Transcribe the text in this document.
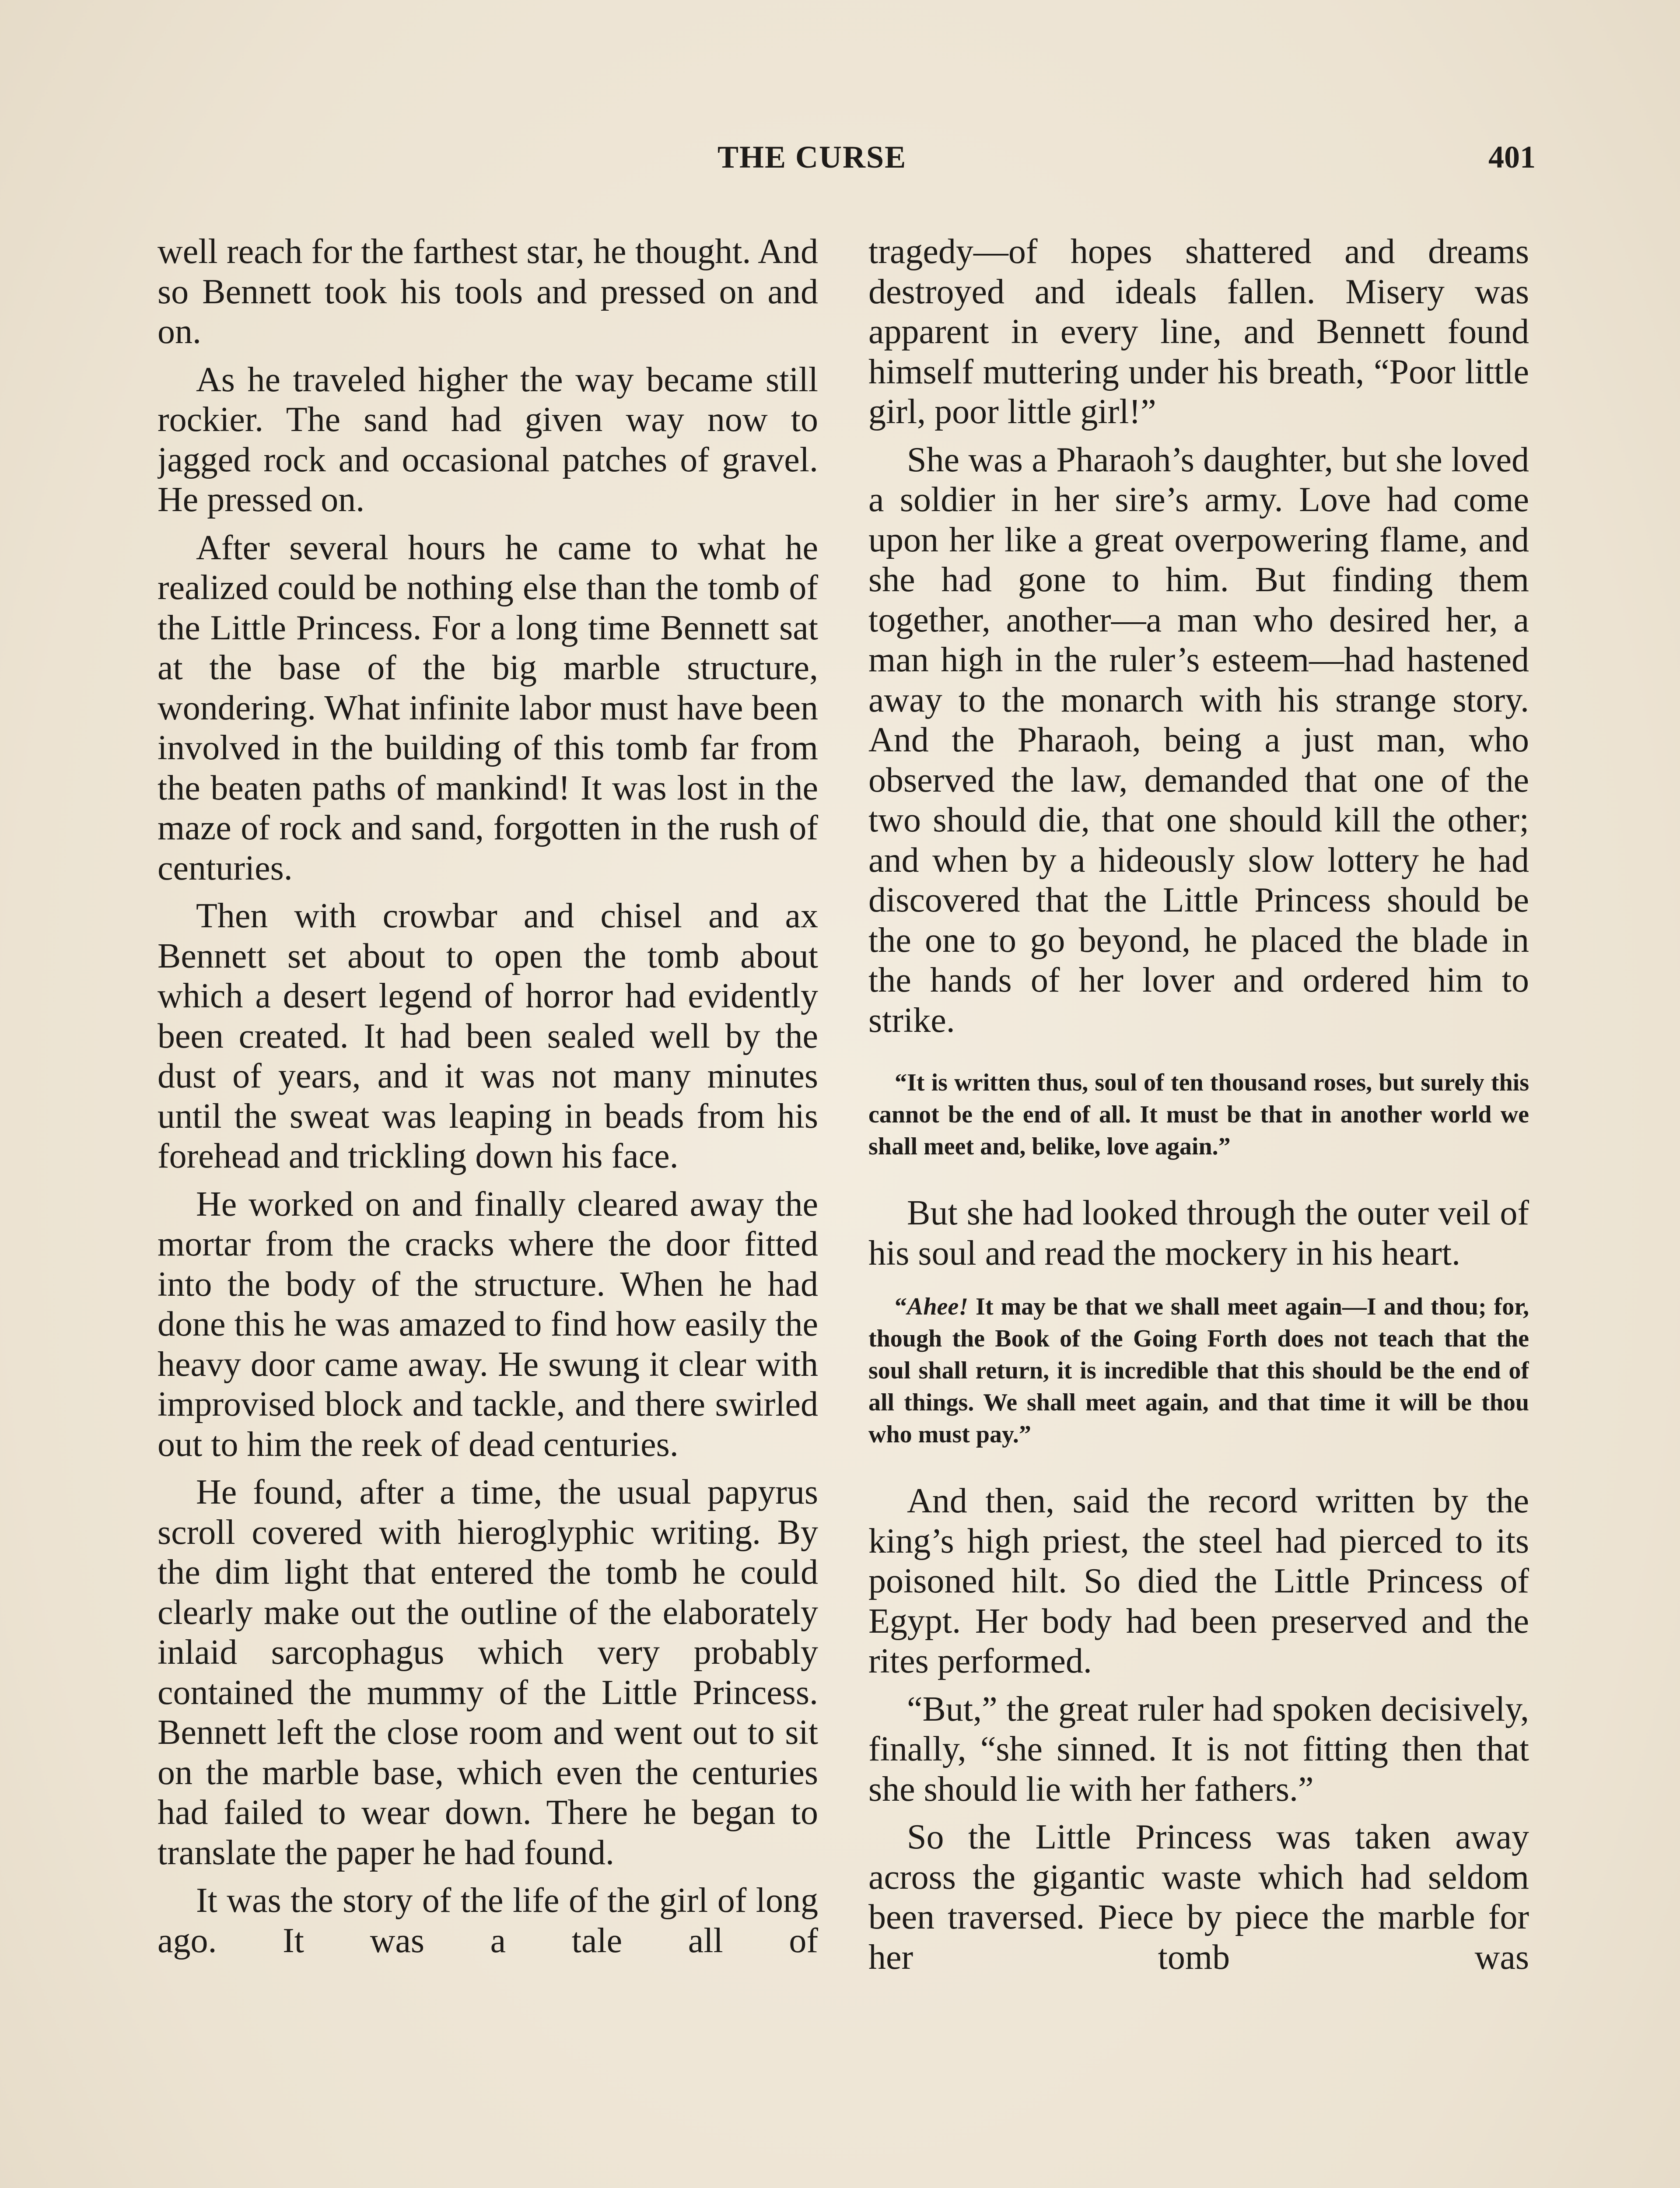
THE CURSE	401

well reach for the farthest star, he thought. And so Bennett took his tools and pressed on and on.

As he traveled higher the way became still rockier. The sand had given way now to jagged rock and occasional patches of gravel. He pressed on.

After several hours he came to what he realized could be nothing else than the tomb of the Little Princess. For a long time Bennett sat at the base of the big marble structure, wondering. What infinite labor must have been involved in the building of this tomb far from the beaten paths of mankind! It was lost in the maze of rock and sand, forgotten in the rush of centuries.

Then with crowbar and chisel and ax Bennett set about to open the tomb about which a desert legend of horror had evidently been created. It had been sealed well by the dust of years, and it was not many minutes until the sweat was leaping in beads from his forehead and trickling down his face.

He worked on and finally cleared away the mortar from the cracks where the door fitted into the body of the structure. When he had done this he was amazed to find how easily the heavy door came away. He swung it clear with improvised block and tackle, and there swirled out to him the reek of dead centuries.

He found, after a time, the usual papyrus scroll covered with hieroglyphic writing. By the dim light that entered the tomb he could clearly make out the outline of the elaborately inlaid sarcophagus which very probably contained the mummy of the Little Princess. Bennett left the close room and went out to sit on the marble base, which even the centuries had failed to wear down. There he began to translate the paper he had found.

It was the story of the life of the girl of long ago. It was a tale all of

tragedy—of hopes shattered and dreams destroyed and ideals fallen. Misery was apparent in every line, and Bennett found himself muttering under his breath, “Poor little girl, poor little girl!”

She was a Pharaoh’s daughter, but she loved a soldier in her sire’s army. Love had come upon her like a great overpowering flame, and she had gone to him. But finding them together, another—a man who desired her, a man high in the ruler’s esteem—had hastened away to the monarch with his strange story. And the Pharaoh, being a just man, who observed the law, demanded that one of the two should die, that one should kill the other; and when by a hideously slow lottery he had discovered that the Little Princess should be the one to go beyond, he placed the blade in the hands of her lover and ordered him to strike.

“It is written thus, soul of ten thousand roses, but surely this cannot be the end of all. It must be that in another world we shall meet and, belike, love again.”

But she had looked through the outer veil of his soul and read the mockery in his heart.

“Ahee! It may be that we shall meet again—I and thou; for, though the Book of the Going Forth does not teach that the soul shall return, it is incredible that this should be the end of all things. We shall meet again, and that time it will be thou who must pay.”

And then, said the record written by the king’s high priest, the steel had pierced to its poisoned hilt. So died the Little Princess of Egypt. Her body had been preserved and the rites performed.

“But,” the great ruler had spoken decisively, finally, “she sinned. It is not fitting then that she should lie with her fathers.”

So the Little Princess was taken away across the gigantic waste which had seldom been traversed. Piece by piece the marble for her tomb was
